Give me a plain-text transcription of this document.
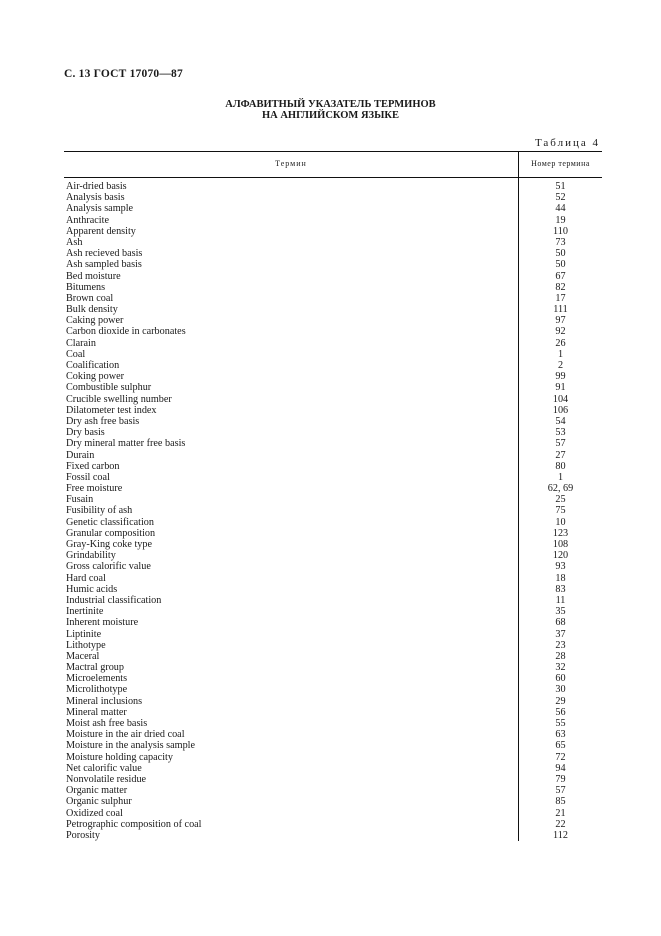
С. 13 ГОСТ 17070—87
АЛФАВИТНЫЙ УКАЗАТЕЛЬ ТЕРМИНОВ
НА АНГЛИЙСКОМ ЯЗЫКЕ
Таблица 4
Термин	Номер термина
Air-dried basis	51
Analysis basis	52
Analysis sample	44
Anthracite	19
Apparent density	110
Ash	73
Ash recieved basis	50
Ash sampled basis	50
Bed moisture	67
Bitumens	82
Brown coal	17
Bulk density	111
Caking power	97
Carbon dioxide in carbonates	92
Clarain	26
Coal	1
Coalification	2
Coking power	99
Combustible sulphur	91
Crucible swelling number	104
Dilatometer test index	106
Dry ash free basis	54
Dry basis	53
Dry mineral matter free basis	57
Durain	27
Fixed carbon	80
Fossil coal	1
Free moisture	62, 69
Fusain	25
Fusibility of ash	75
Genetic classification	10
Granular composition	123
Gray-King coke type	108
Grindability	120
Gross calorific value	93
Hard coal	18
Humic acids	83
Industrial classification	11
Inertinite	35
Inherent moisture	68
Liptinite	37
Lithotype	23
Maceral	28
Mactral group	32
Microelements	60
Microlithotype	30
Mineral inclusions	29
Mineral matter	56
Moist ash free basis	55
Moisture in the air dried coal	63
Moisture in the analysis sample	65
Moisture holding capacity	72
Net calorific value	94
Nonvolatile residue	79
Organic matter	57
Organic sulphur	85
Oxidized coal	21
Petrographic composition of coal	22
Porosity	112
